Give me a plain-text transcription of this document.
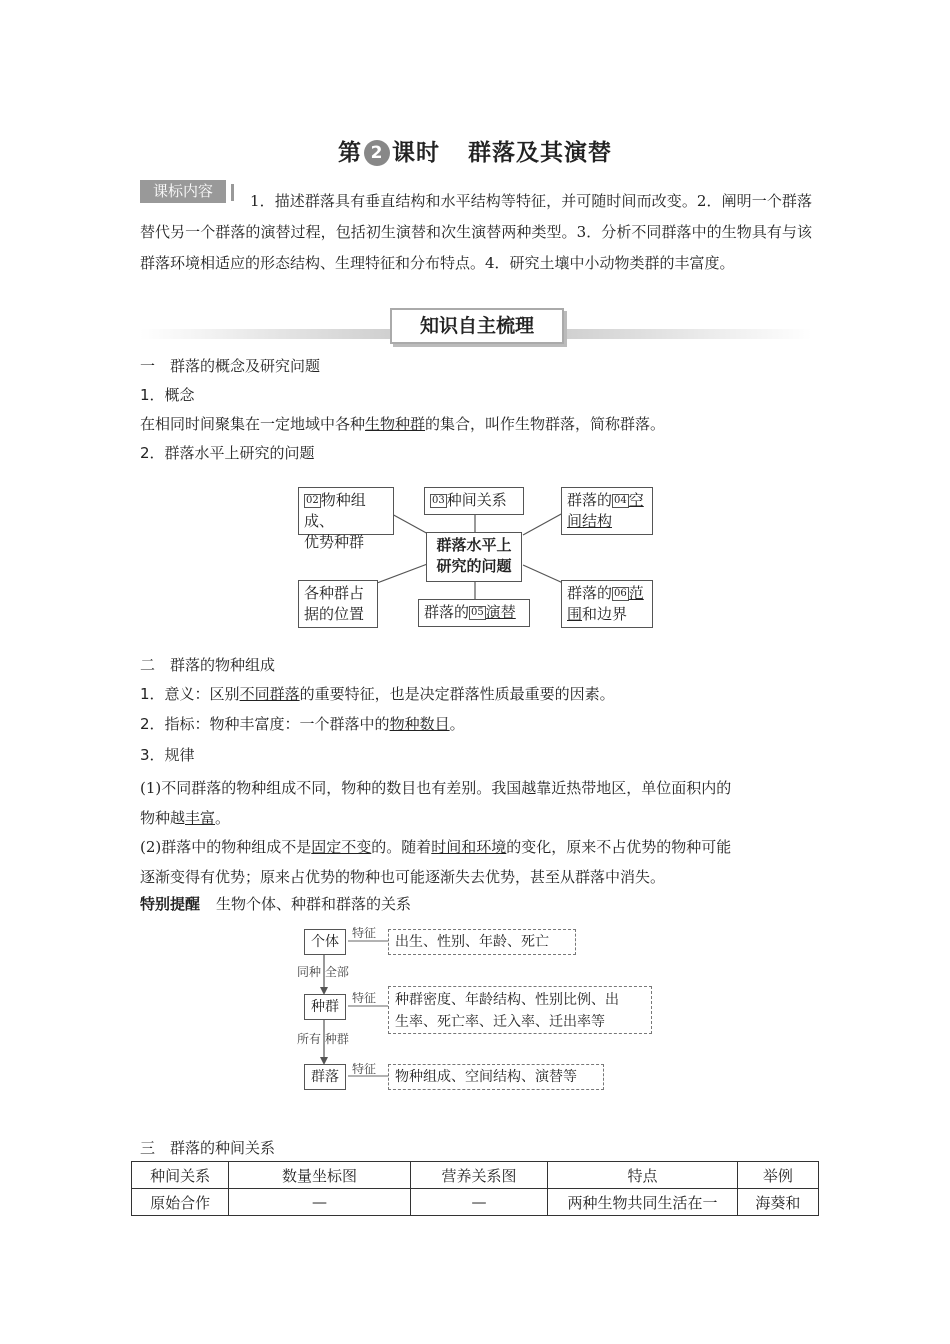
第 2 课时 群落及其演替
课标内容
1．描述群落具有垂直结构和水平结构等特征，并可随时间而改变。2．阐明一个群落替代另一个群落的演替过程，包括初生演替和次生演替两种类型。3．分析不同群落中的生物具有与该群落环境相适应的形态结构、生理特征和分布特点。4．研究土壤中小动物类群的丰富度。
知识自主梳理
一　群落的概念及研究问题
1．概念
在相同时间聚集在一定地域中各种生物种群的集合，叫作生物群落，简称群落。
2．群落水平上研究的问题
02 物种组成、
优势种群
03 种间关系	群落的 04 空
间结构
群落水平上
研究的问题
各种群占
据的位置	群落的 05 演替
群落的 06 范
围和边界
二　群落的物种组成
1．意义：区别不同群落的重要特征，也是决定群落性质最重要的因素。
2．指标：物种丰富度：一个群落中的物种数目。
3．规律
(1)不同群落的物种组成不同，物种的数目也有差别。我国越靠近热带地区，单位面积内的
物种越丰富。
(2)群落中的物种组成不是固定不变的。随着时间和环境的变化，原来不占优势的物种可能
逐渐变得有优势；原来占优势的物种也可能逐渐失去优势，甚至从群落中消失。
特别提醒 生物个体、种群和群落的关系
个体
特征
出生、性别、年龄、死亡
同种 全部
种群
特征	种群密度、年龄结构、性别比例、出
生率、死亡率、迁入率、迁出率等
所有 种群
群落	特征	物种组成、空间结构、演替等
三　群落的种间关系
种间关系	数量坐标图	营养关系图	特点	举例
原始合作	—	—	两种生物共同生活在一	海葵和
